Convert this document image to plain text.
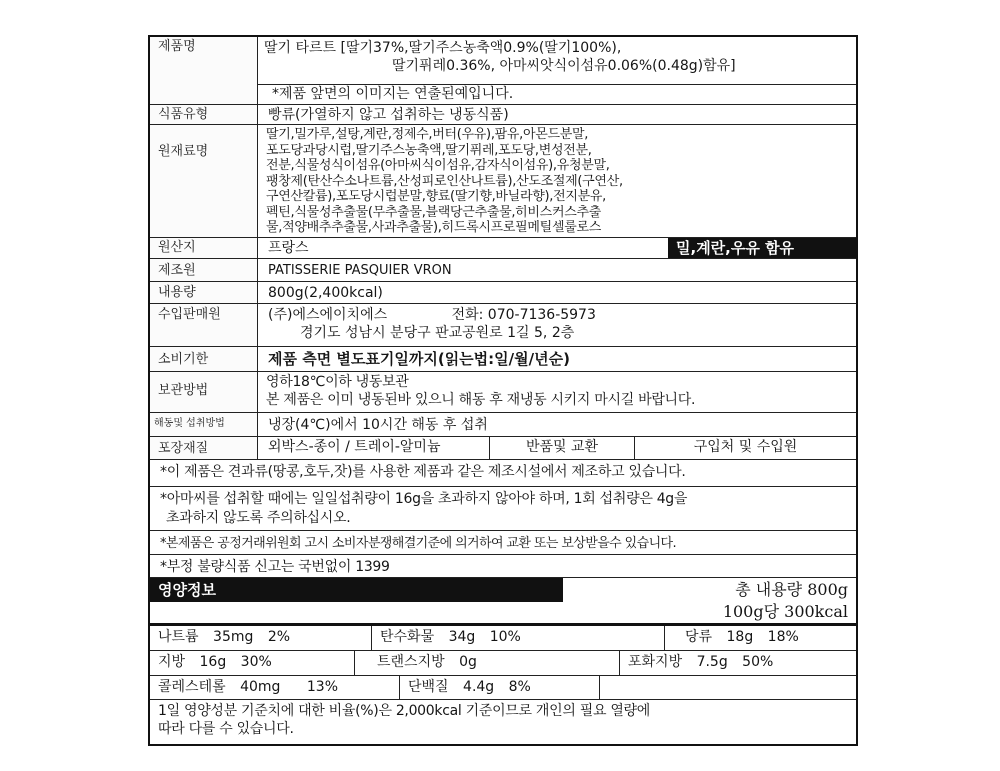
제품명	딸기 타르트 [딸기37%,딸기주스농축액0.9%(딸기100%),
딸기퓌레0.36%, 아마씨앗식이섬유0.06%(0.48g)함유]
*제품 앞면의 이미지는 연출된예입니다.
식품유형	빵류(가열하지 않고 섭취하는 냉동식품)
원재료명
딸기,밀가루,설탕,계란,정제수,버터(우유),팜유,아몬드분말,
포도당과당시럽,딸기주스농축액,딸기퓌레,포도당,변성전분,
전분,식물성식이섬유(아마씨식이섬유,감자식이섬유),유청분말,
팽창제(탄산수소나트륨,산성피로인산나트륨),산도조절제(구연산,
구연산칼륨),포도당시럽분말,향료(딸기향,바닐라향),전지분유,
펙틴,식물성추출물(무추출물,블랙당근추출물,히비스커스추출
물,적양배추추출물,사과추출물),히드록시프로필메틸셀룰로스
원산지	프랑스	밀,계란,우유 함유
제조원	PATISSERIE PASQUIER VRON
내용량	800g(2,400kcal)
수입판매원	(주)에스에이치에스	전화: 070-7136-5973
경기도 성남시 분당구 판교공원로 1길 5, 2층
소비기한	제품 측면 별도표기일까지(읽는법:일/월/년순)
보관방법
영하18℃이하 냉동보관
본 제품은 이미 냉동된바 있으니 해동 후 재냉동 시키지 마시길 바랍니다.
해동및 섭취방법	냉장(4℃)에서 10시간 해동 후 섭취
포장재질	외박스-종이 / 트레이-알미늄	반품및 교환	구입처 및 수입원
*이 제품은 견과류(땅콩,호두,잣)를 사용한 제품과 같은 제조시설에서 제조하고 있습니다.
*아마씨를 섭취할 때에는 일일섭취량이 16g을 초과하지 않아야 하며, 1회 섭취량은 4g을
초과하지 않도록 주의하십시오.
*본제품은 공정거래위원회 고시 소비자분쟁해결기준에 의거하여 교환 또는 보상받을수 있습니다.
*부정 불량식품 신고는 국번없이 1399
영양정보	총 내용량 800g
100g당 300kcal
나트륨 35mg 2%	탄수화물 34g 10%	당류 18g 18%
지방 16g 30%	트랜스지방 0g	포화지방 7.5g 50%
콜레스테롤 40mg 13%	단백질 4.4g 8%
1일 영양성분 기준치에 대한 비율(%)은 2,000kcal 기준이므로 개인의 필요 열량에
따라 다를 수 있습니다.
